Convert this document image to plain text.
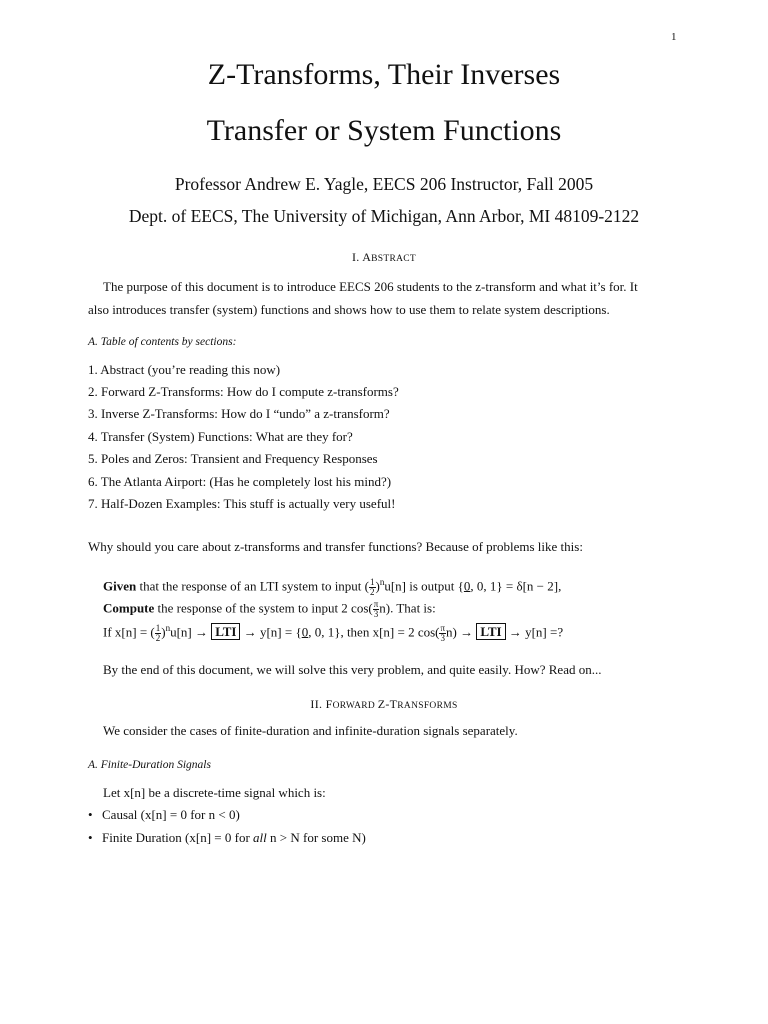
1
Z-Transforms, Their Inverses
Transfer or System Functions
Professor Andrew E. Yagle, EECS 206 Instructor, Fall 2005
Dept. of EECS, The University of Michigan, Ann Arbor, MI 48109-2122
I. ABSTRACT
The purpose of this document is to introduce EECS 206 students to the z-transform and what it’s for. It
also introduces transfer (system) functions and shows how to use them to relate system descriptions.
A. Table of contents by sections:
1. Abstract (you’re reading this now)
2. Forward Z-Transforms: How do I compute z-transforms?
3. Inverse Z-Transforms: How do I “undo” a z-transform?
4. Transfer (System) Functions: What are they for?
5. Poles and Zeros: Transient and Frequency Responses
6. The Atlanta Airport: (Has he completely lost his mind?)
7. Half-Dozen Examples: This stuff is actually very useful!
Why should you care about z-transforms and transfer functions? Because of problems like this:
Given that the response of an LTI system to input ( $\frac{1}{2} )^nu[n]$ is output {0, 0, 1} = δ[n − 2],
Compute the response of the system to input 2 $\cos( \frac{\pi}{3} n)$. That is:
If x[n] = ( $\frac{1}{2} )^nu[n]$ → LTI → y[n] = {0, 0, 1}, then x[n] = 2 $\cos( \frac{\pi}{3} n)$ → LTI → y[n] =?
By the end of this document, we will solve this very problem, and quite easily. How? Read on...
II. FORWARD Z-TRANSFORMS
We consider the cases of finite-duration and infinite-duration signals separately.
A. Finite-Duration Signals
Let x[n] be a discrete-time signal which is:
• Causal (x[n] = 0 for n < 0)
• Finite Duration (x[n] = 0 for all n > N for some N)
